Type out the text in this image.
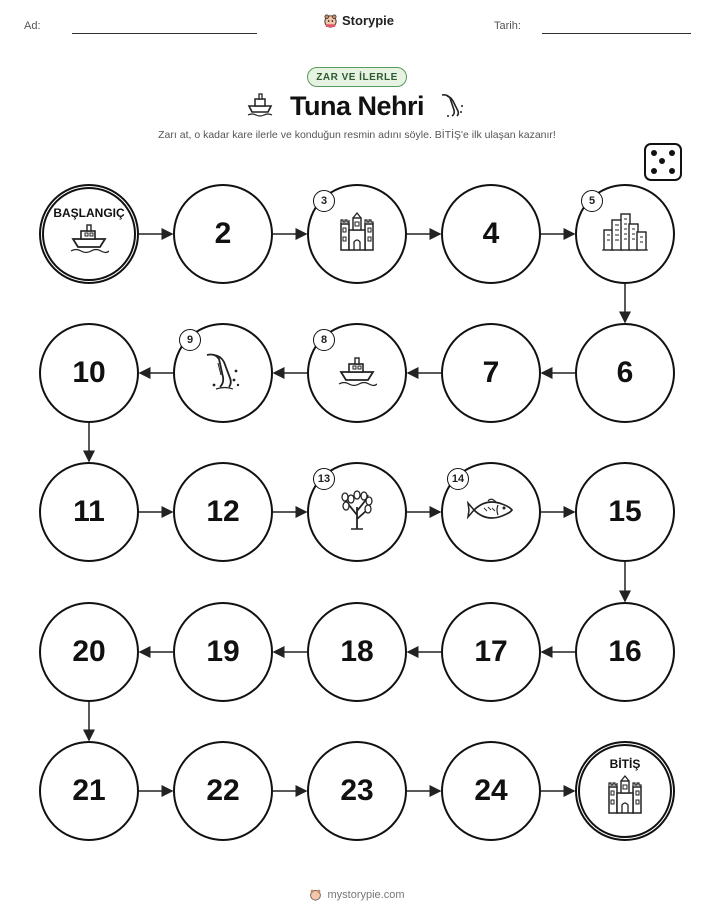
Ad:	Storypie	Tarih:
ZAR VE İLERLE
Tuna Nehri
Zarı at, o kadar kare ilerle ve konduğun resmin adını söyle. BİTİŞ'e ilk ulaşan kazanır!
BAŞLANGIÇ
2
3
4
5
6
7
8
9
10
11	12
13	14
15
16
17
18
19
20
21	22	23	24
BİTİŞ
mystorypie.com
